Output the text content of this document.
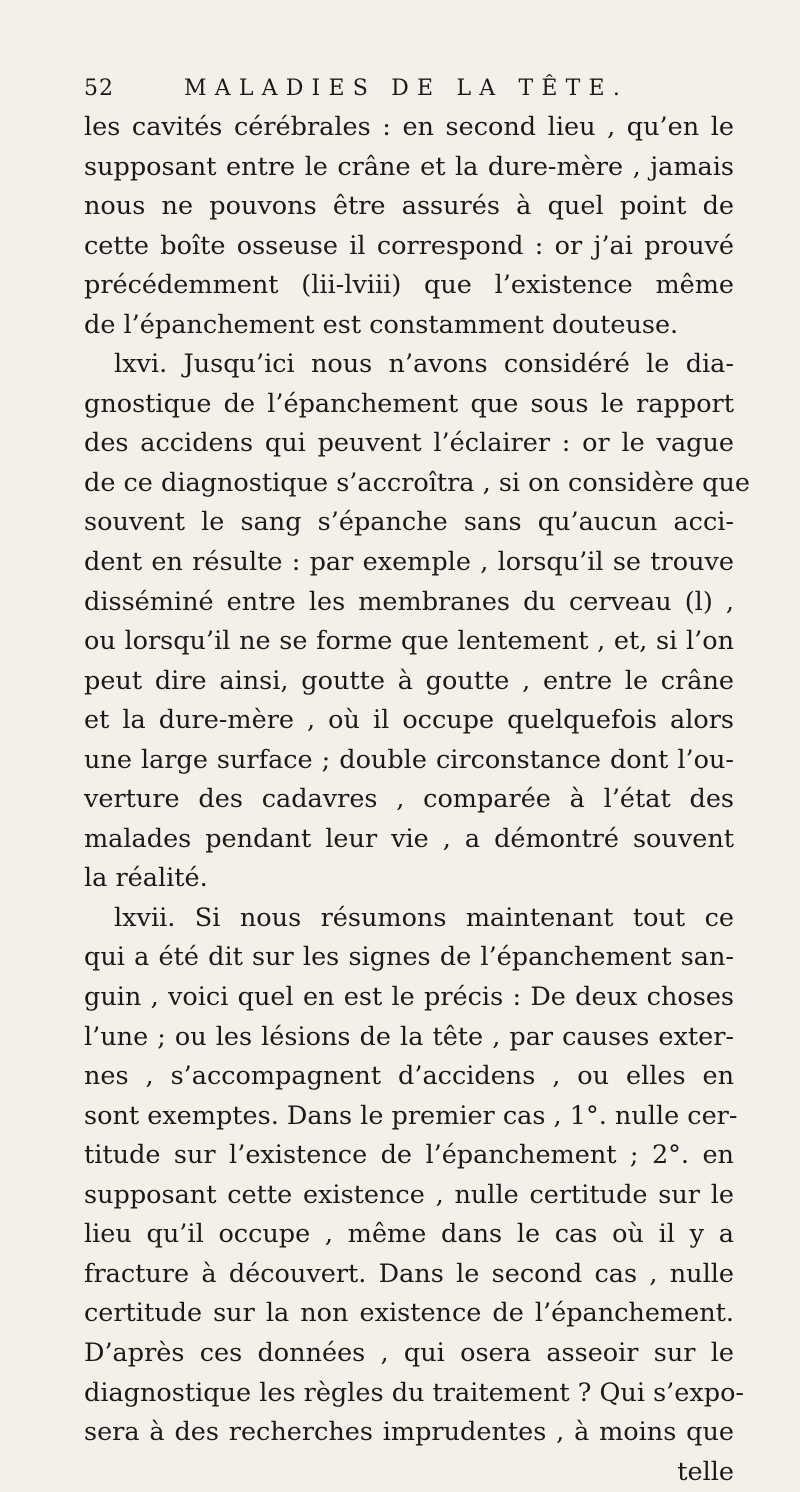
52	MALADIES DE LA TÊTE.
les cavités cérébrales : en second lieu , qu’en le
supposant entre le crâne et la dure-mère , jamais
nous ne pouvons être assurés à quel point de
cette boîte osseuse il correspond : or j’ai prouvé
précédemment (lii-lviii) que l’existence même
de l’épanchement est constamment douteuse.
lxvi. Jusqu’ici nous n’avons considéré le dia-
gnostique de l’épanchement que sous le rapport
des accidens qui peuvent l’éclairer : or le vague
de ce diagnostique s’accroîtra , si on considère que
souvent le sang s’épanche sans qu’aucun acci-
dent en résulte : par exemple , lorsqu’il se trouve
disséminé entre les membranes du cerveau (l) ,
ou lorsqu’il ne se forme que lentement , et, si l’on
peut dire ainsi, goutte à goutte , entre le crâne
et la dure-mère , où il occupe quelquefois alors
une large surface ; double circonstance dont l’ou-
verture des cadavres , comparée à l’état des
malades pendant leur vie , a démontré souvent
la réalité.
lxvii. Si nous résumons maintenant tout ce
qui a été dit sur les signes de l’épanchement san-
guin , voici quel en est le précis : De deux choses
l’une ; ou les lésions de la tête , par causes exter-
nes , s’accompagnent d’accidens , ou elles en
sont exemptes. Dans le premier cas , 1°. nulle cer-
titude sur l’existence de l’épanchement ; 2°. en
supposant cette existence , nulle certitude sur le
lieu qu’il occupe , même dans le cas où il y a
fracture à découvert. Dans le second cas , nulle
certitude sur la non existence de l’épanchement.
D’après ces données , qui osera asseoir sur le
diagnostique les règles du traitement ? Qui s’expo-
sera à des recherches imprudentes , à moins que
telle
